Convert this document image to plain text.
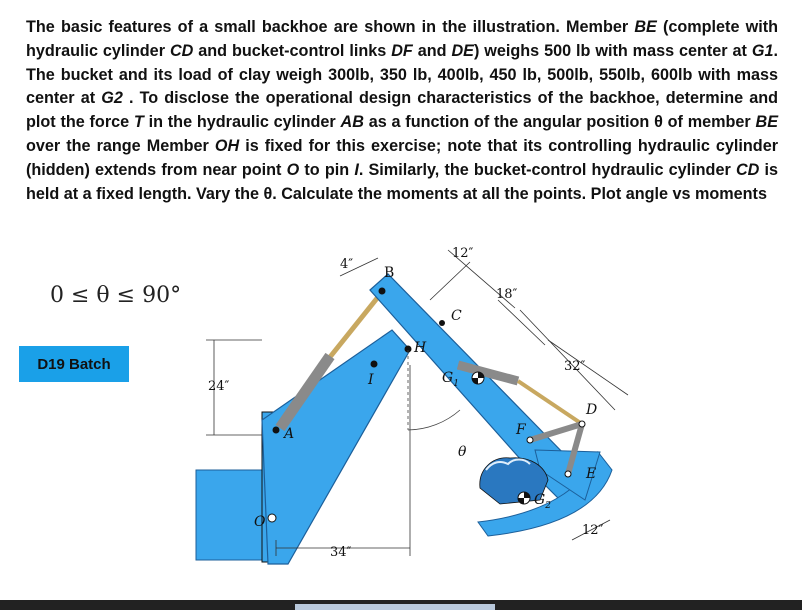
The basic features of a small backhoe are shown in the illustration. Member BE (complete with hydraulic cylinder CD and bucket-control links DF and DE) weighs 500 lb with mass center at G1. The bucket and its load of clay weigh 300lb, 350 lb, 400lb, 450 lb, 500lb, 550lb, 600lb with mass center at G2 . To disclose the operational design characteristics of the backhoe, determine and plot the force T in the hydraulic cylinder AB as a function of the angular position θ of member BE over the range Member OH is fixed for this exercise; note that its controlling hydraulic cylinder (hidden) extends from near point O to pin I. Similarly, the bucket-control hydraulic cylinder CD is held at a fixed length. Vary the θ. Calculate the moments at all the points. Plot angle vs moments
0 ≤ θ ≤ 90°
D19 Batch
B
C
H
I	$G_1$
A
O
θ
F
D
E
$G_2$
12″
4″
18″
32″
24″
34″
12″
